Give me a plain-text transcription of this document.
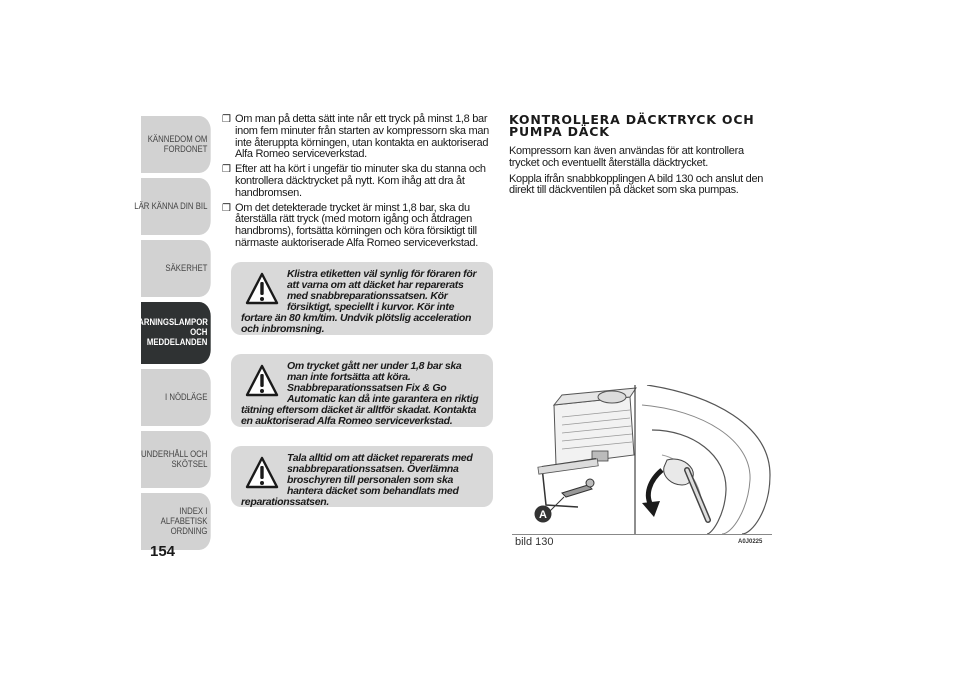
KÄNNEDOM OM
FORDONET
LÄR KÄNNA DIN BIL
SÄKERHET
VARNINGSLAMPOR
OCH
MEDDELANDEN
I NÖDLÄGE
UNDERHÅLL OCH
SKÖTSEL
INDEX I ALFABETISK
ORDNING
154
❒ Om man på detta sätt inte når ett tryck på minst 1,8 bar inom fem minuter från starten av kompressorn ska man inte återuppta körningen, utan kontakta en auktoriserad Alfa Romeo serviceverkstad.
❒ Efter att ha kört i ungefär tio minuter ska du stanna och kontrollera däcktrycket på nytt. Kom ihåg att dra åt handbromsen.
❒ Om det detekterade trycket är minst 1,8 bar, ska du återställa rätt tryck (med motorn igång och åtdragen handbroms), fortsätta körningen och köra försiktigt till närmaste auktoriserade Alfa Romeo serviceverkstad.

Klistra etiketten väl synlig för föraren för att varna om att däcket har reparerats med snabbreparationssatsen. Kör försiktigt, speciellt i kurvor. Kör inte fortare än 80 km/tim. Undvik plötslig acceleration och inbromsning.

Om trycket gått ner under 1,8 bar ska man inte fortsätta att köra. Snabbreparationssatsen Fix & Go Automatic kan då inte garantera en riktig tätning eftersom däcket är alltför skadat. Kontakta en auktoriserad Alfa Romeo serviceverkstad.

Tala alltid om att däcket reparerats med snabbreparationssatsen. Överlämna broschyren till personalen som ska hantera däcket som behandlats med reparationssatsen.

KONTROLLERA DÄCKTRYCK OCH PUMPA DÄCK

Kompressorn kan även användas för att kontrollera trycket och eventuellt återställa däcktrycket.

Koppla ifrån snabbkopplingen A bild 130 och anslut den direkt till däckventilen på däcket som ska pumpas.

A
bild 130	A0J0225
